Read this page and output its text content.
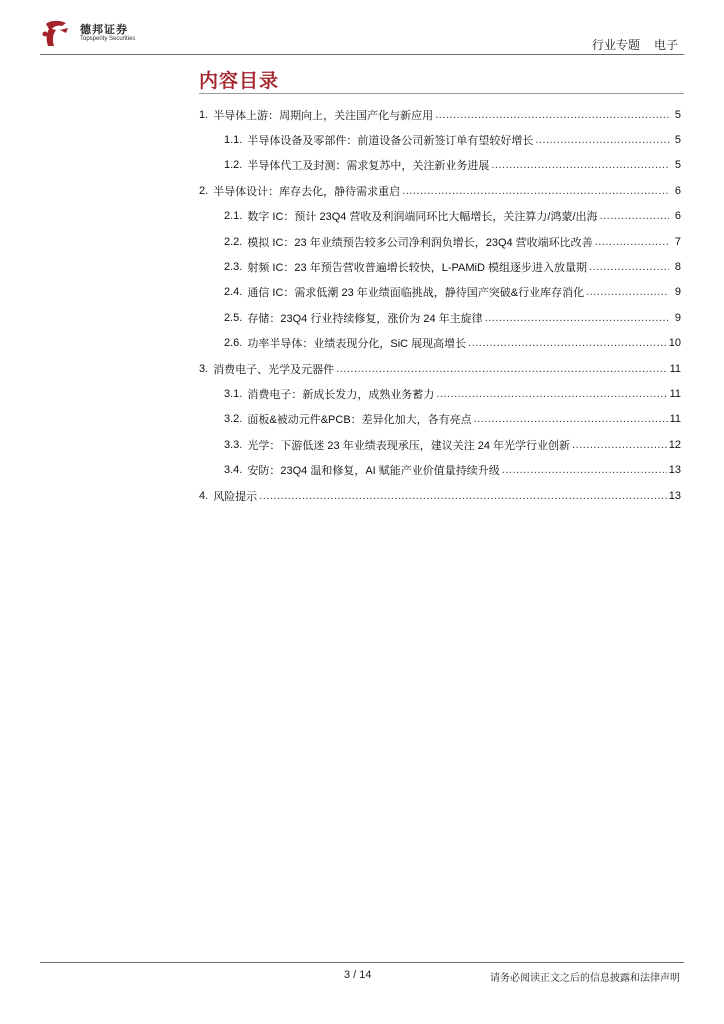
德邦证券
Topsperity Securities	行业专题 电子
内容目录
1. 半导体上游：周期向上，关注国产化与新应用 .....	5
1.1. 半导体设备及零部件：前道设备公司新签订单有望较好增长 .....	5
1.2. 半导体代工及封测：需求复苏中，关注新业务进展 .....	5
2. 半导体设计：库存去化，静待需求重启 .....	6
2.1. 数字 IC：预计 23Q4 营收及利润端同环比大幅增长，关注算力/鸿蒙/出海 .....	6
2.2. 模拟 IC：23 年业绩预告较多公司净利润负增长，23Q4 营收端环比改善 .....	7
2.3. 射频 IC：23 年预告营收普遍增长较快，L-PAMiD 模组逐步进入放量期 .....	8
2.4. 通信 IC：需求低潮 23 年业绩面临挑战，静待国产突破&行业库存消化 .....	9
2.5. 存储：23Q4 行业持续修复，涨价为 24 年主旋律 .....	9
2.6. 功率半导体：业绩表现分化，SiC 展现高增长 .....	10
3. 消费电子、光学及元器件 .....	11
3.1. 消费电子：新成长发力，成熟业务蓄力 .....	11
3.2. 面板&被动元件&PCB：差异化加大，各有亮点 .....	11
3.3. 光学：下游低迷 23 年业绩表现承压，建议关注 24 年光学行业创新 .....	12
3.4. 安防：23Q4 温和修复，AI 赋能产业价值量持续升级 .....	13
4. 风险提示 .....	13
3 / 14	请务必阅读正文之后的信息披露和法律声明
